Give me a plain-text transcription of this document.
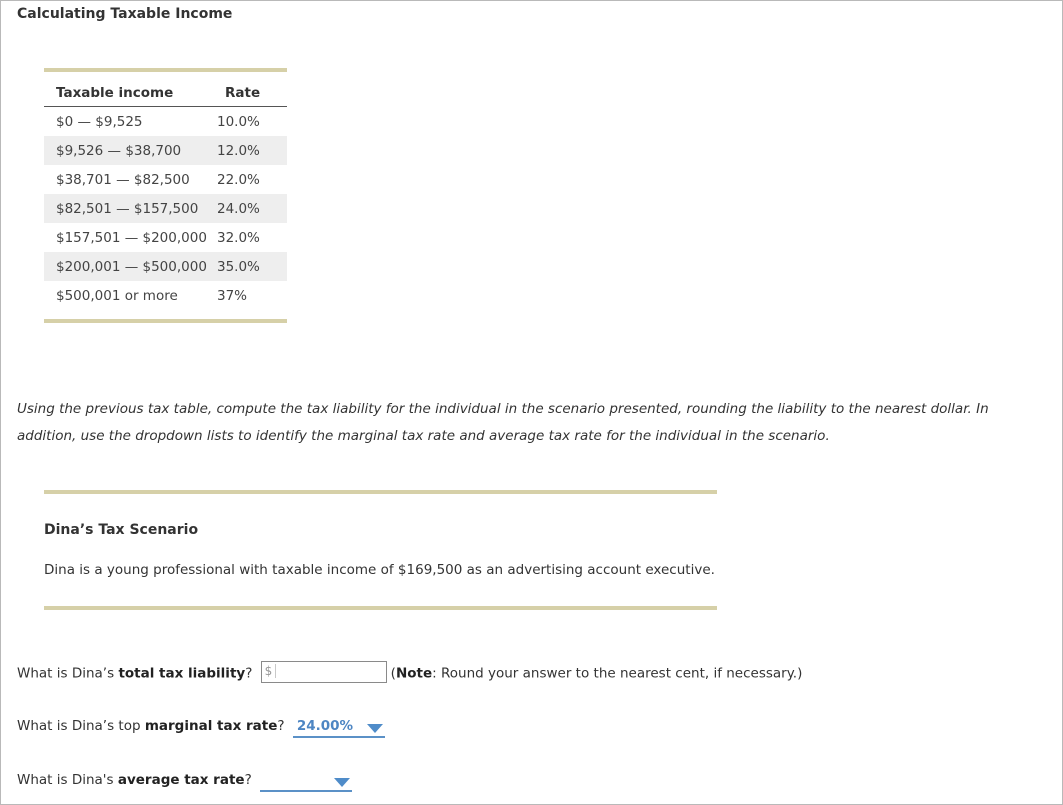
Calculating Taxable Income
Taxable income	Rate
$0 — $9,525	10.0%
$9,526 — $38,700	12.0%
$38,701 — $82,500	22.0%
$82,501 — $157,500	24.0%
$157,501 — $200,000	32.0%
$200,001 — $500,000	35.0%
$500,001 or more	37%
Using the previous tax table, compute the tax liability for the individual in the scenario presented, rounding the liability to the nearest dollar. In addition, use the dropdown lists to identify the marginal tax rate and average tax rate for the individual in the scenario.
Dina’s Tax Scenario
Dina is a young professional with taxable income of $169,500 as an advertising account executive.
What is Dina’s total tax liability? $	(Note: Round your answer to the nearest cent, if necessary.)
What is Dina’s top marginal tax rate? 24.00%
What is Dina's average tax rate?
